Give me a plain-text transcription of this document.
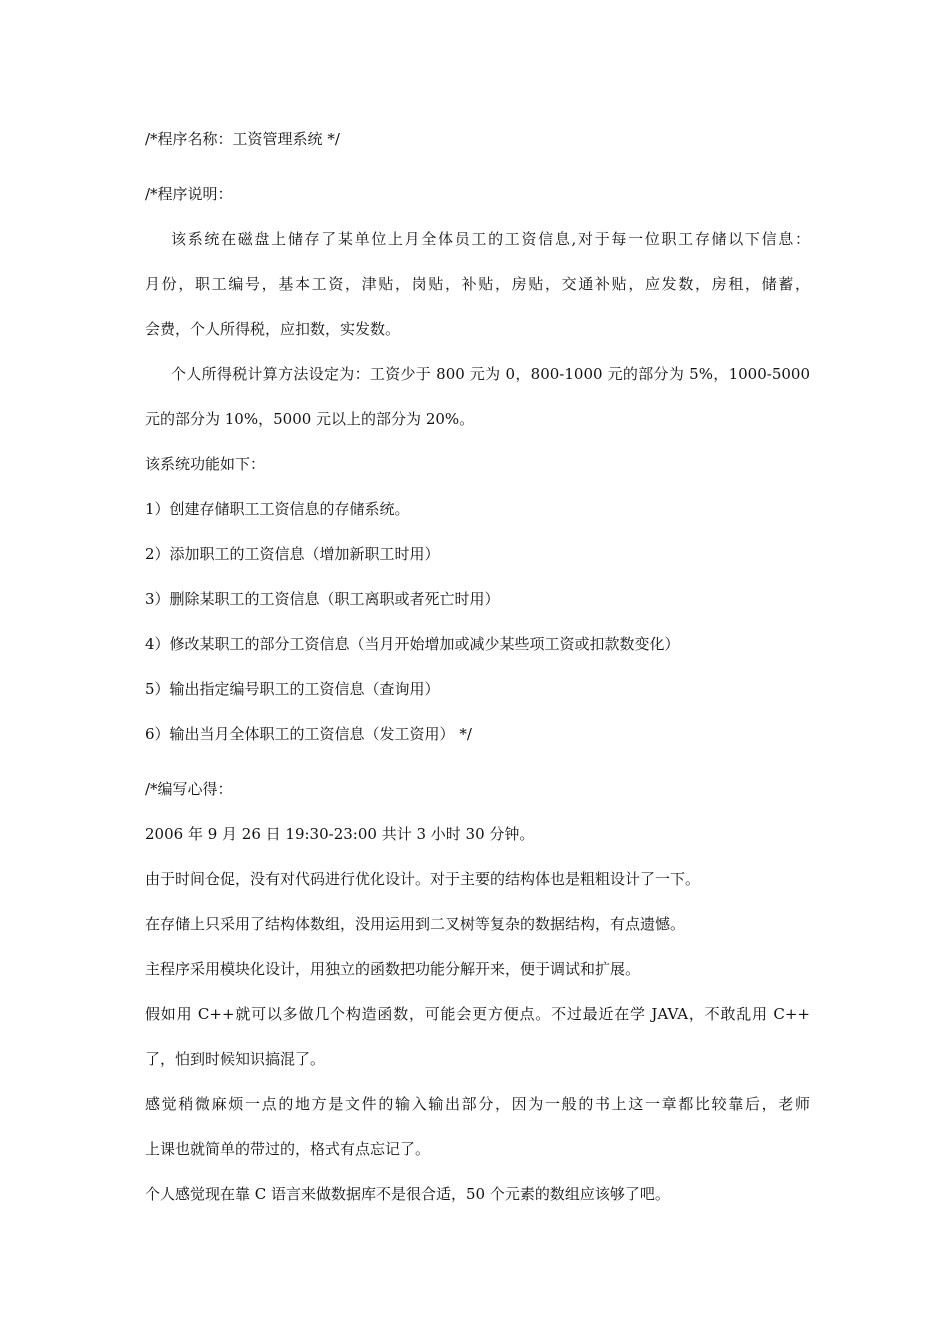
/*程序名称：工资管理系统 */
/*程序说明：
该系统在磁盘上储存了某单位上月全体员工的工资信息,对于每一位职工存储以下信息：
月份，职工编号，基本工资，津贴，岗贴，补贴，房贴，交通补贴，应发数，房租，储蓄，
会费，个人所得税，应扣数，实发数。
个人所得税计算方法设定为：工资少于 800 元为 0，800-1000 元的部分为 5%，1000-5000
元的部分为 10%，5000 元以上的部分为 20%。
该系统功能如下：
1）创建存储职工工资信息的存储系统。
2）添加职工的工资信息（增加新职工时用）
3）删除某职工的工资信息（职工离职或者死亡时用）
4）修改某职工的部分工资信息（当月开始增加或减少某些项工资或扣款数变化）
5）输出指定编号职工的工资信息（查询用）
6）输出当月全体职工的工资信息（发工资用） */
/*编写心得：
2006 年 9 月 26 日 19:30-23:00 共计 3 小时 30 分钟。
由于时间仓促，没有对代码进行优化设计。对于主要的结构体也是粗粗设计了一下。
在存储上只采用了结构体数组，没用运用到二叉树等复杂的数据结构，有点遗憾。
主程序采用模块化设计，用独立的函数把功能分解开来，便于调试和扩展。
假如用 C++就可以多做几个构造函数，可能会更方便点。不过最近在学 JAVA，不敢乱用 C++
了，怕到时候知识搞混了。
感觉稍微麻烦一点的地方是文件的输入输出部分，因为一般的书上这一章都比较靠后，老师
上课也就简单的带过的，格式有点忘记了。
个人感觉现在靠 C 语言来做数据库不是很合适，50 个元素的数组应该够了吧。
